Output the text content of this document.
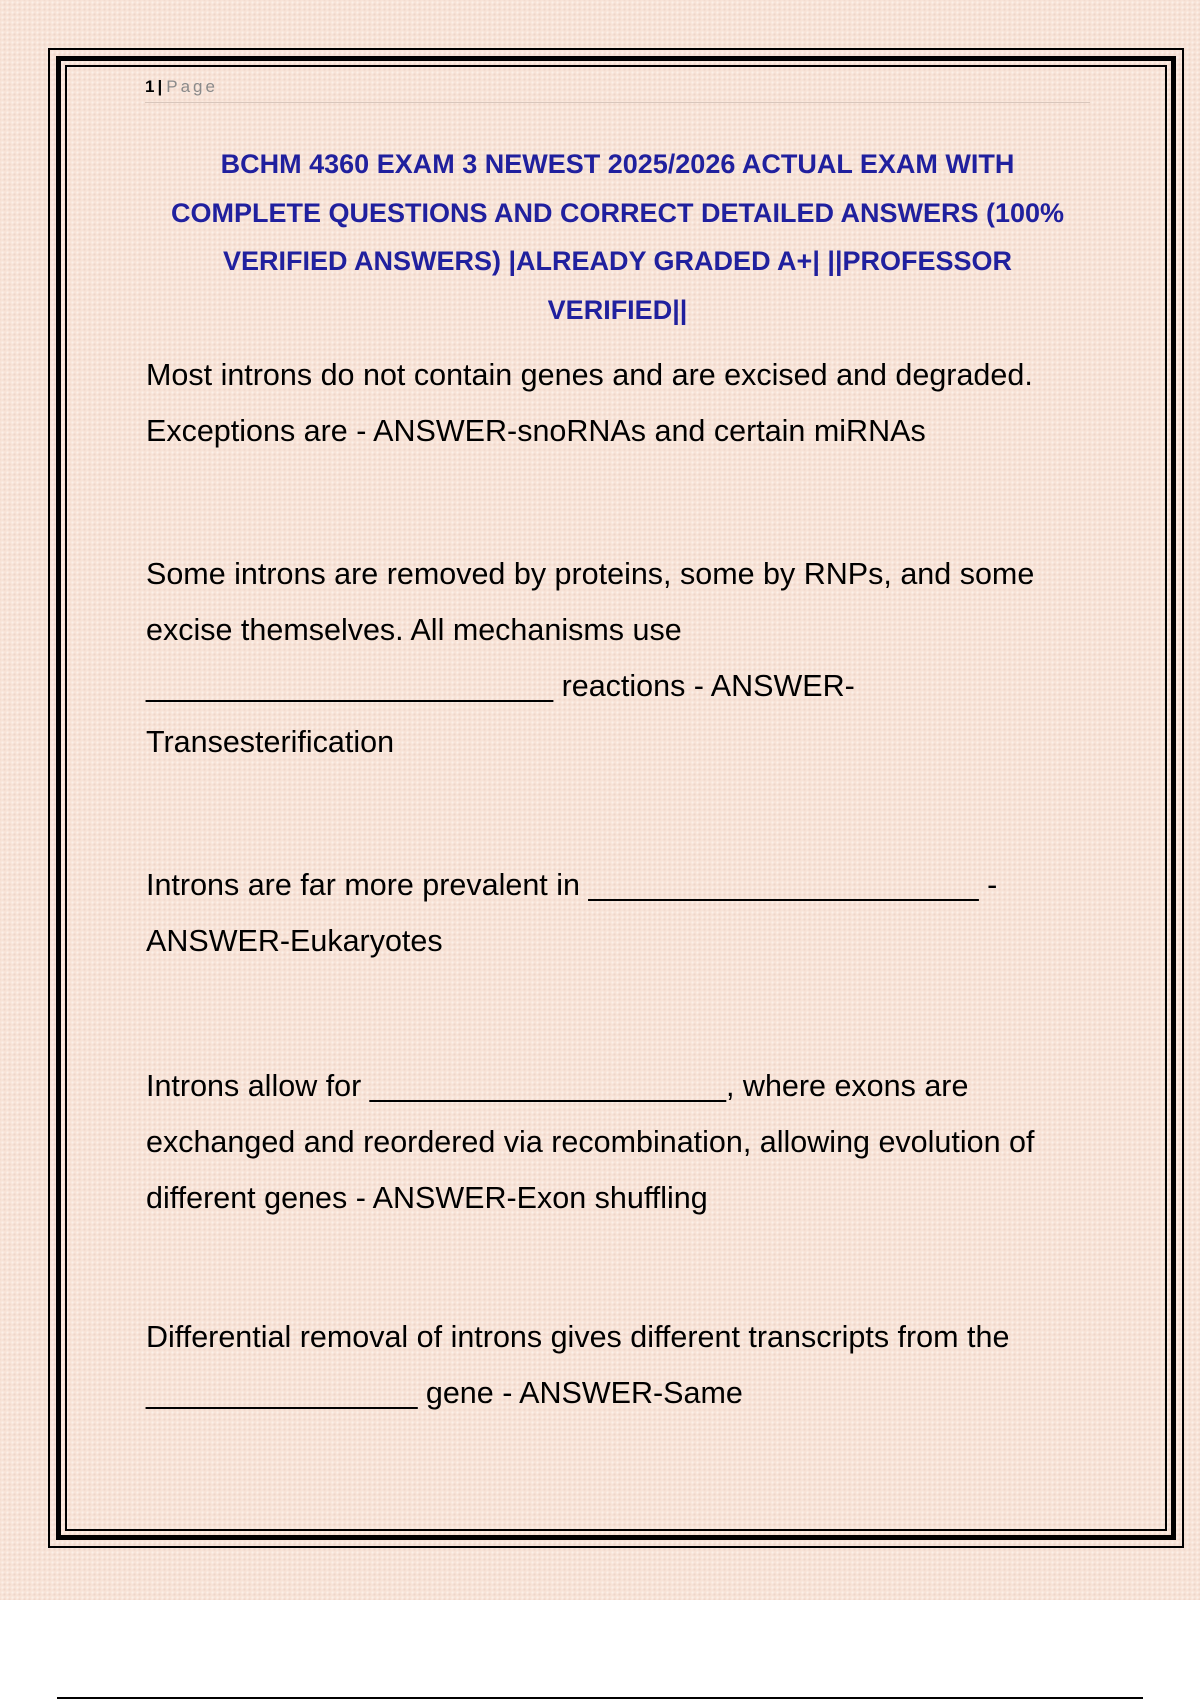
1 | Page
BCHM 4360 EXAM 3 NEWEST 2025/2026 ACTUAL EXAM WITH
COMPLETE QUESTIONS AND CORRECT DETAILED ANSWERS (100%
VERIFIED ANSWERS) |ALREADY GRADED A+| ||PROFESSOR
VERIFIED||
Most introns do not contain genes and are excised and degraded.
Exceptions are - ANSWER-snoRNAs and certain miRNAs
Some introns are removed by proteins, some by RNPs, and some
excise themselves. All mechanisms use
________________________ reactions - ANSWER-
Transesterification
Introns are far more prevalent in _______________________ -
ANSWER-Eukaryotes
Introns allow for _____________________, where exons are
exchanged and reordered via recombination, allowing evolution of
different genes - ANSWER-Exon shuffling
Differential removal of introns gives different transcripts from the
________________ gene - ANSWER-Same
